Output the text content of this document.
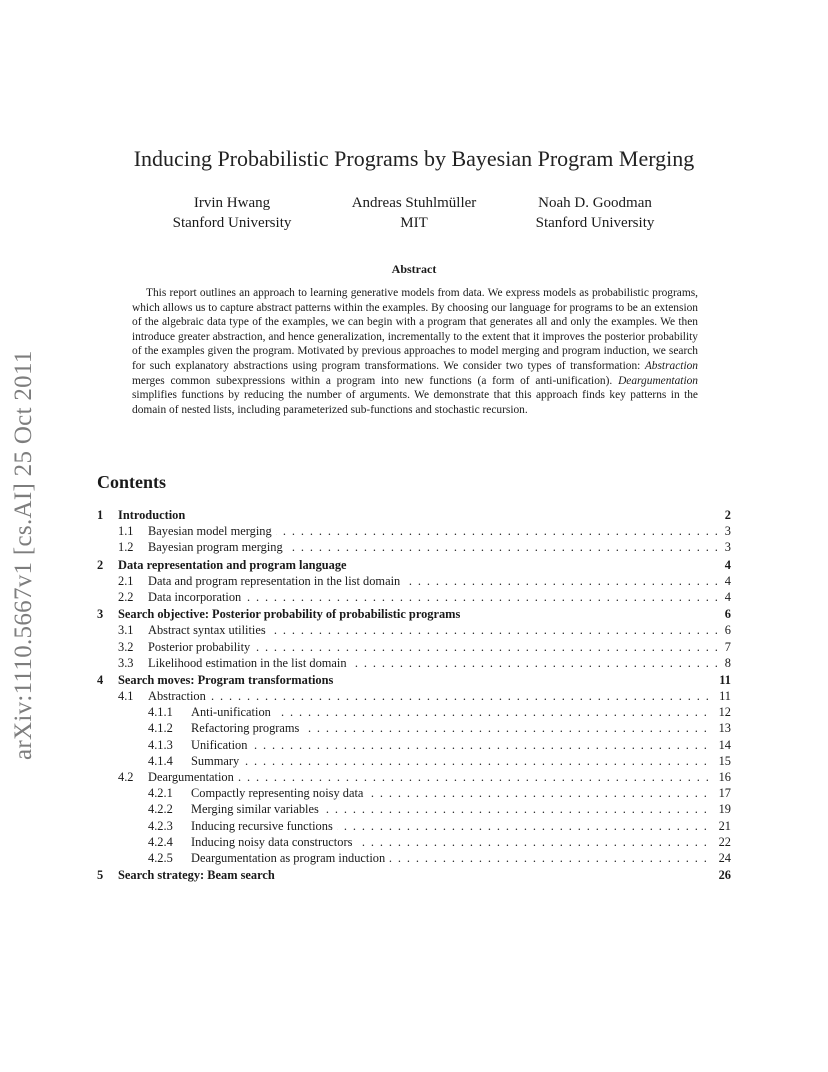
arXiv:1110.5667v1 [cs.AI] 25 Oct 2011
Inducing Probabilistic Programs by Bayesian Program Merging
Irvin Hwang
Stanford University
Andreas Stuhlmüller
MIT
Noah D. Goodman
Stanford University
Abstract

This report outlines an approach to learning generative models from data. We express models as probabilistic programs, which allows us to capture abstract patterns within the examples. By choosing our language for programs to be an extension of the algebraic data type of the examples, we can begin with a program that generates all and only the examples. We then introduce greater abstraction, and hence generalization, incrementally to the extent that it improves the posterior probability of the examples given the program. Motivated by previous approaches to model merging and program induction, we search for such explanatory abstractions using program transformations. We consider two types of transformation: Abstraction merges common subexpressions within a program into new functions (a form of anti-unification). Deargumentation simplifies functions by reducing the number of arguments. We demonstrate that this approach finds key patterns in the domain of nested lists, including parameterized sub-functions and stochastic recursion.

Contents
1 Introduction	2
1.1 Bayesian model merging . . .	3
1.2 Bayesian program merging . . .	3
2 Data representation and program language	4
2.1 Data and program representation in the list domain . . .	4
2.2 Data incorporation . . .	4
3 Search objective: Posterior probability of probabilistic programs	6
3.1 Abstract syntax utilities . . .	6
3.2 Posterior probability . . .	7
3.3 Likelihood estimation in the list domain . . .	8
4 Search moves: Program transformations	11
4.1 Abstraction . . .	11
4.1.1 Anti-unification . . .	12
4.1.2 Refactoring programs . . .	13
4.1.3 Unification . . .	14
4.1.4 Summary . . .	15
4.2 Deargumentation . . .	16
4.2.1 Compactly representing noisy data . . .	17
4.2.2 Merging similar variables . . .	19
4.2.3 Inducing recursive functions . . .	21
4.2.4 Inducing noisy data constructors . . .	22
4.2.5 Deargumentation as program induction . . .	24
5 Search strategy: Beam search	26
